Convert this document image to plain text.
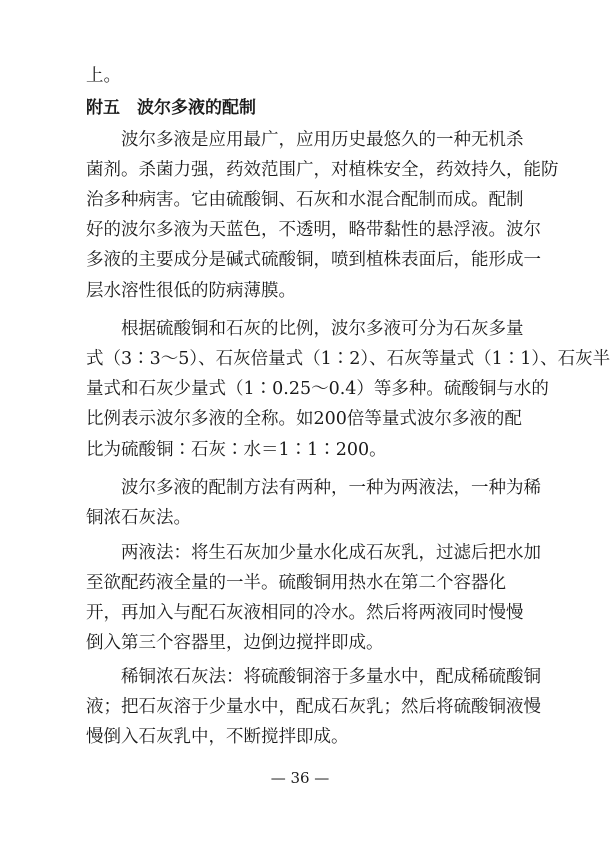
上。
附五　波尔多液的配制
　　波尔多液是应用最广，应用历史最悠久的一种无机杀
菌剂。杀菌力强，药效范围广，对植株安全，药效持久，能防
治多种病害。它由硫酸铜、石灰和水混合配制而成。配制
好的波尔多液为天蓝色，不透明，略带黏性的悬浮液。波尔
多液的主要成分是碱式硫酸铜，喷到植株表面后，能形成一
层水溶性很低的防病薄膜。
　　根据硫酸铜和石灰的比例，波尔多液可分为石灰多量
式（3∶3～5）、石灰倍量式（1∶2）、石灰等量式（1∶1）、石灰半
量式和石灰少量式（1∶0.25～0.4）等多种。硫酸铜与水的
比例表示波尔多液的全称。如200倍等量式波尔多液的配
比为硫酸铜∶石灰∶水＝1∶1∶200。
　　波尔多液的配制方法有两种，一种为两液法，一种为稀
铜浓石灰法。
　　两液法：将生石灰加少量水化成石灰乳，过滤后把水加
至欲配药液全量的一半。硫酸铜用热水在第二个容器化
开，再加入与配石灰液相同的冷水。然后将两液同时慢慢
倒入第三个容器里，边倒边搅拌即成。
　　稀铜浓石灰法：将硫酸铜溶于多量水中，配成稀硫酸铜
液；把石灰溶于少量水中，配成石灰乳；然后将硫酸铜液慢
慢倒入石灰乳中，不断搅拌即成。
— 36 —
